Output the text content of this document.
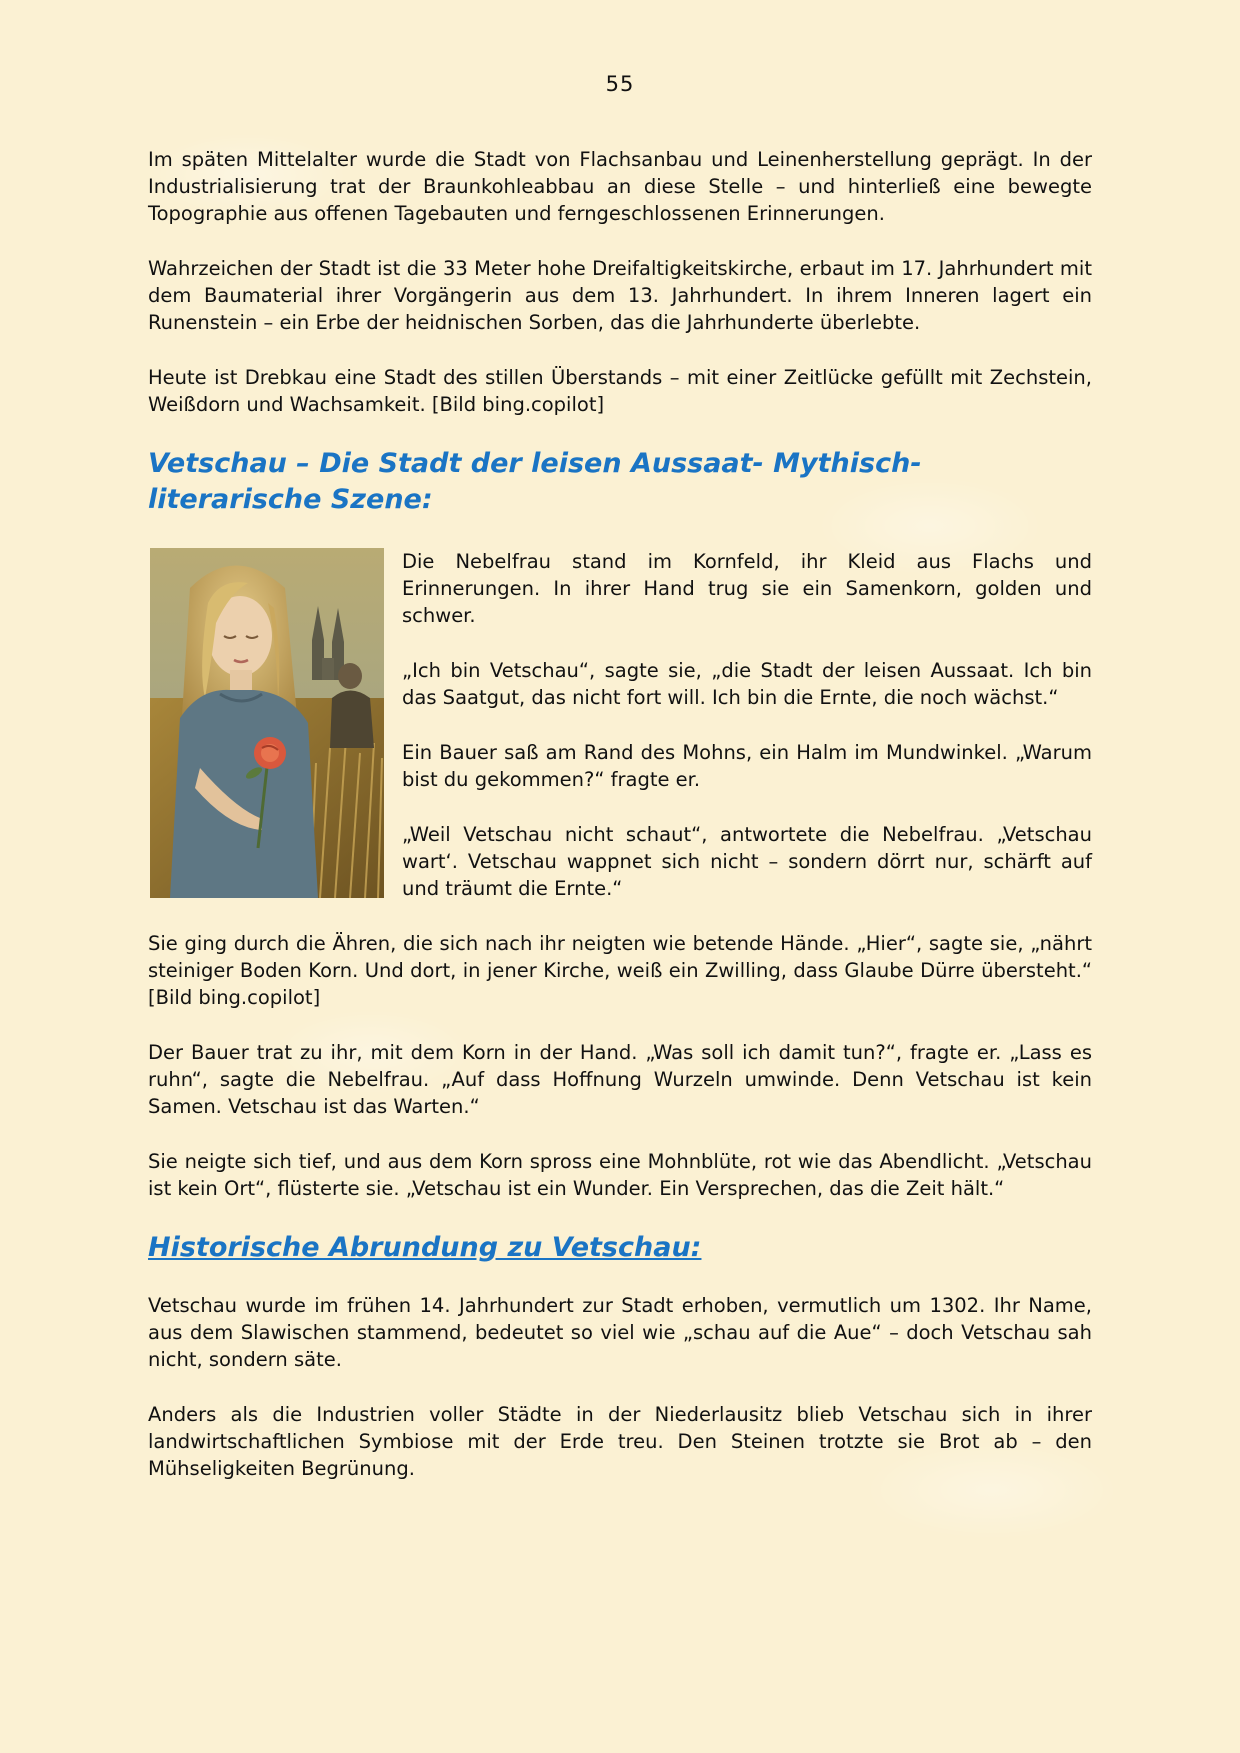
55

Im späten Mittelalter wurde die Stadt von Flachsanbau und Leinenherstellung geprägt. In der Industrialisierung trat der Braunkohleabbau an diese Stelle – und hinterließ eine bewegte Topographie aus offenen Tagebauten und ferngeschlossenen Erinnerungen.

Wahrzeichen der Stadt ist die 33 Meter hohe Dreifaltigkeitskirche, erbaut im 17. Jahrhundert mit dem Baumaterial ihrer Vorgängerin aus dem 13. Jahrhundert. In ihrem Inneren lagert ein Runenstein – ein Erbe der heidnischen Sorben, das die Jahrhunderte überlebte.

Heute ist Drebkau eine Stadt des stillen Überstands – mit einer Zeitlücke gefüllt mit Zechstein, Weißdorn und Wachsamkeit. [Bild bing.copilot]

Vetschau – Die Stadt der leisen Aussaat- Mythisch-literarische Szene:

Die Nebelfrau stand im Kornfeld, ihr Kleid aus Flachs und Erinnerungen. In ihrer Hand trug sie ein Samenkorn, golden und schwer.

„Ich bin Vetschau“, sagte sie, „die Stadt der leisen Aussaat. Ich bin das Saatgut, das nicht fort will. Ich bin die Ernte, die noch wächst.“

Ein Bauer saß am Rand des Mohns, ein Halm im Mundwinkel. „Warum bist du gekommen?“ fragte er.

„Weil Vetschau nicht schaut“, antwortete die Nebelfrau. „Vetschau wart‘. Vetschau wappnet sich nicht – sondern dörrt nur, schärft auf und träumt die Ernte.“

Sie ging durch die Ähren, die sich nach ihr neigten wie betende Hände. „Hier“, sagte sie, „nährt steiniger Boden Korn. Und dort, in jener Kirche, weiß ein Zwilling, dass Glaube Dürre übersteht.“ [Bild bing.copilot]

Der Bauer trat zu ihr, mit dem Korn in der Hand. „Was soll ich damit tun?“, fragte er. „Lass es ruhn“, sagte die Nebelfrau. „Auf dass Hoffnung Wurzeln umwinde. Denn Vetschau ist kein Samen. Vetschau ist das Warten.“

Sie neigte sich tief, und aus dem Korn spross eine Mohnblüte, rot wie das Abendlicht. „Vetschau ist kein Ort“, flüsterte sie. „Vetschau ist ein Wunder. Ein Versprechen, das die Zeit hält.“

Historische Abrundung zu Vetschau:

Vetschau wurde im frühen 14. Jahrhundert zur Stadt erhoben, vermutlich um 1302. Ihr Name, aus dem Slawischen stammend, bedeutet so viel wie „schau auf die Aue“ – doch Vetschau sah nicht, sondern säte.

Anders als die Industrien voller Städte in der Niederlausitz blieb Vetschau sich in ihrer landwirtschaftlichen Symbiose mit der Erde treu. Den Steinen trotzte sie Brot ab – den Mühseligkeiten Begrünung.
